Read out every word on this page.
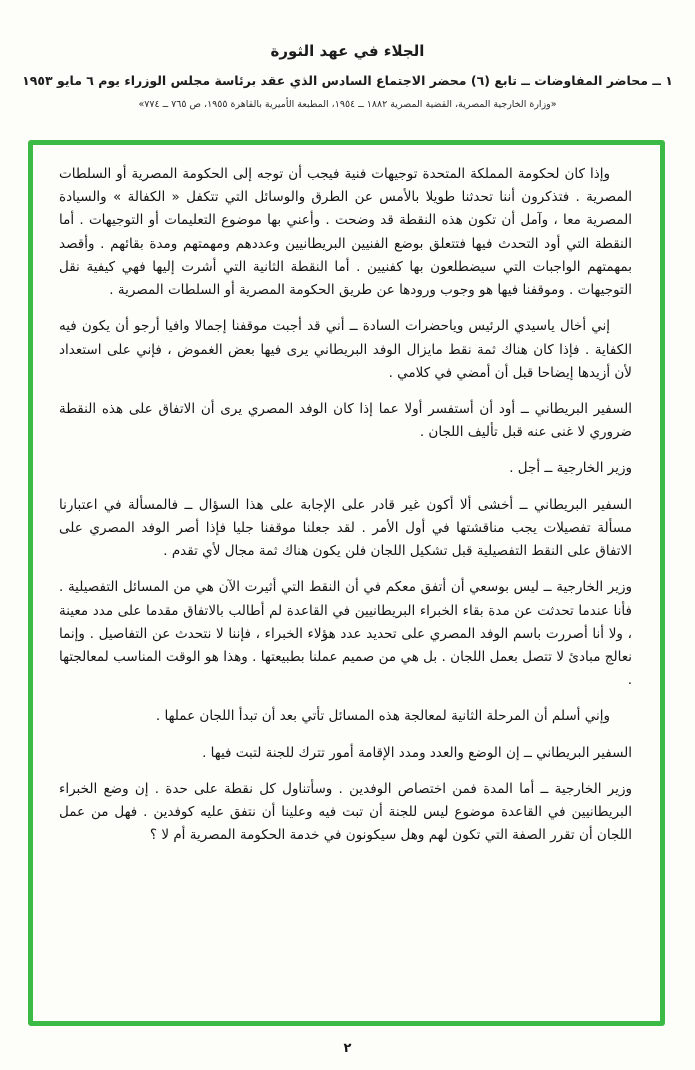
الجلاء في عهد الثورة
١ ــ محاضر المفاوضات ــ تابع (٦) محضر الاجتماع السادس الذي عقد برئاسة مجلس الوزراء يوم ٦ مايو ١٩٥٣
«وزارة الخارجية المصرية، القضية المصرية ١٨٨٢ ــ ١٩٥٤، المطبعة الأميرية بالقاهرة ١٩٥٥، ص ٧٦٥ ــ ٧٧٤»

وإذا كان لحكومة المملكة المتحدة توجيهات فنية فيجب أن توجه إلى الحكومة المصرية أو السلطات المصرية . فتذكرون أننا تحدثنا طويلا بالأمس عن الطرق والوسائل التي تتكفل « الكفالة » والسيادة المصرية معا ، وآمل أن تكون هذه النقطة قد وضحت . وأعني بها موضوع التعليمات أو التوجيهات . أما النقطة التي أود التحدث فيها فتتعلق بوضع الفنيين البريطانيين وعددهم ومهمتهم ومدة بقائهم . وأقصد بمهمتهم الواجبات التي سيضطلعون بها كفنيين . أما النقطة الثانية التي أشرت إليها فهي كيفية نقل التوجيهات . وموقفنا فيها هو وجوب ورودها عن طريق الحكومة المصرية أو السلطات المصرية .

إني أخال ياسيدي الرئيس وياحضرات السادة ــ أني قد أجبت موقفنا إجمالا وافيا أرجو أن يكون فيه الكفاية . فإذا كان هناك ثمة نقط مايزال الوفد البريطاني يرى فيها بعض الغموض ، فإني على استعداد لأن أزيدها إيضاحا قبل أن أمضي في كلامي .

السفير البريطاني ــ أود أن أستفسر أولا عما إذا كان الوفد المصري يرى أن الاتفاق على هذه النقطة ضروري لا غنى عنه قبل تأليف اللجان .

وزير الخارجية ــ أجل .

السفير البريطاني ــ أخشى ألا أكون غير قادر على الإجابة على هذا السؤال ــ فالمسألة في اعتبارنا مسألة تفصيلات يجب مناقشتها في أول الأمر . لقد جعلنا موقفنا جليا فإذا أصر الوفد المصري على الاتفاق على النقط التفصيلية قبل تشكيل اللجان فلن يكون هناك ثمة مجال لأي تقدم .

وزير الخارجية ــ ليس بوسعي أن أتفق معكم في أن النقط التي أثيرت الآن هي من المسائل التفصيلية . فأنا عندما تحدثت عن مدة بقاء الخبراء البريطانيين في القاعدة لم أطالب بالاتفاق مقدما على مدد معينة ، ولا أنا أصررت باسم الوفد المصري على تحديد عدد هؤلاء الخبراء ، فإننا لا نتحدث عن التفاصيل . وإنما نعالج مبادئ لا تتصل بعمل اللجان . بل هي من صميم عملنا بطبيعتها . وهذا هو الوقت المناسب لمعالجتها .

وإني أسلم أن المرحلة الثانية لمعالجة هذه المسائل تأتي بعد أن تبدأ اللجان عملها .

السفير البريطاني ــ إن الوضع والعدد ومدد الإقامة أمور تترك للجنة لتبت فيها .

وزير الخارجية ــ أما المدة فمن اختصاص الوفدين . وسأتناول كل نقطة على حدة . إن وضع الخبراء البريطانيين في القاعدة موضوع ليس للجنة أن تبت فيه وعلينا أن نتفق عليه كوفدين . فهل من عمل اللجان أن تقرر الصفة التي تكون لهم وهل سيكونون في خدمة الحكومة المصرية أم لا ؟

٢
